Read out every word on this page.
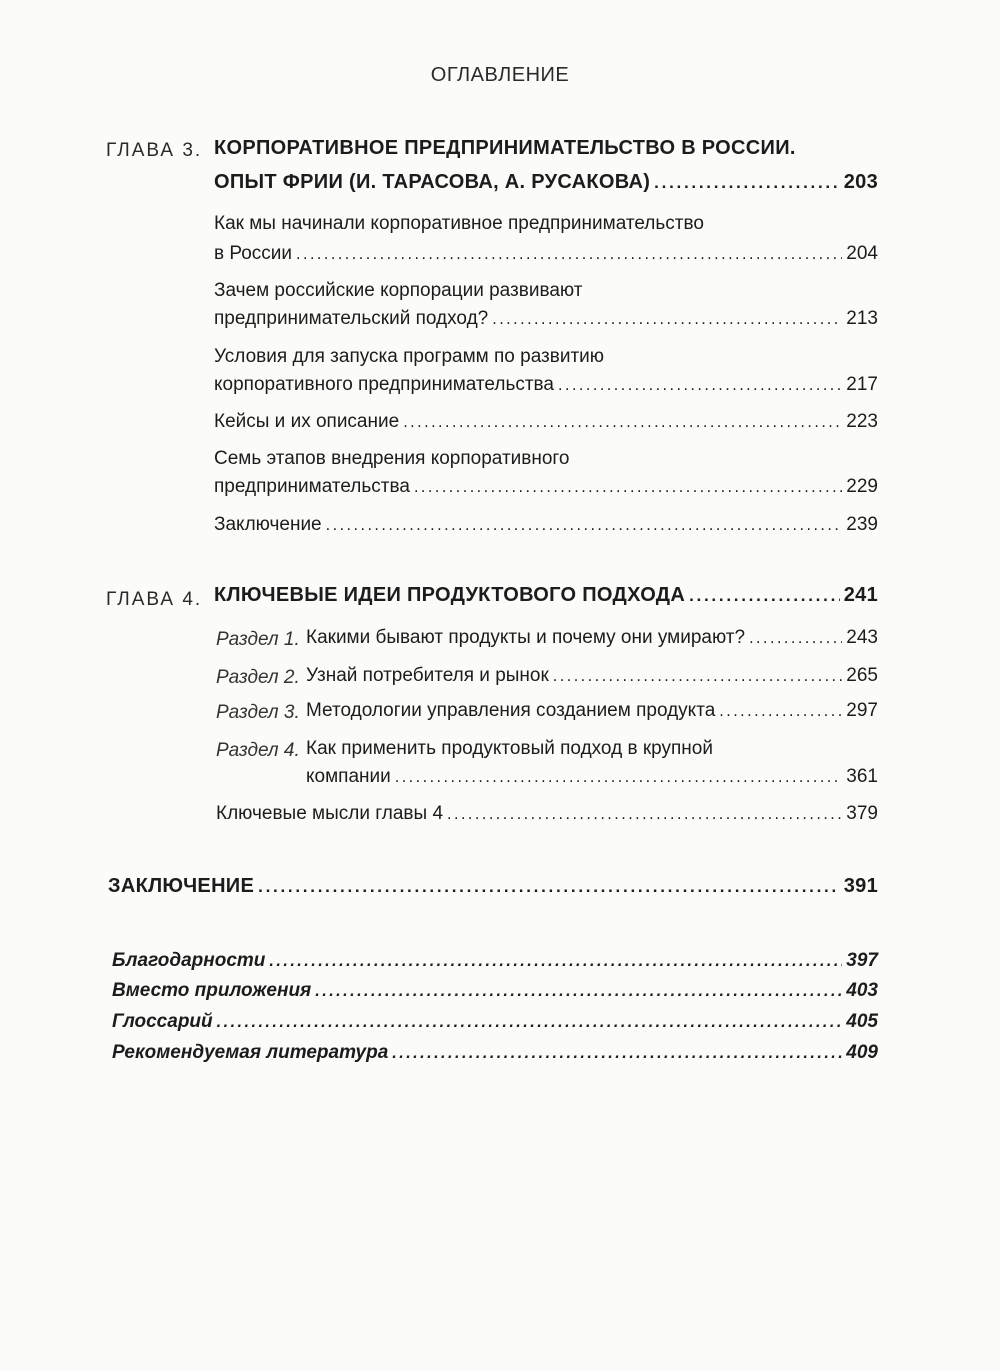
ОГЛАВЛЕНИЕ
ГЛАВА 3. КОРПОРАТИВНОЕ ПРЕДПРИНИМАТЕЛЬСТВО В РОССИИ.
ОПЫТ ФРИИ (И. ТАРАСОВА, А. РУСАКОВА) . . .	203
Как мы начинали корпоративное предпринимательство
в России . . .	204
Зачем российские корпорации развивают
предпринимательский подход? . . .	213
Условия для запуска программ по развитию
корпоративного предпринимательства . . .	217
Кейсы и их описание . . .	223
Семь этапов внедрения корпоративного
предпринимательства . . .	229
Заключение . . .	239
ГЛАВА 4. КЛЮЧЕВЫЕ ИДЕИ ПРОДУКТОВОГО ПОДХОДА . . .	241
Раздел 1. Какими бывают продукты и почему они умирают? . . .	243
Раздел 2. Узнай потребителя и рынок . . .	265
Раздел 3. Методологии управления созданием продукта . . .	297
Раздел 4. Как применить продуктовый подход в крупной
компании . . .	361
Ключевые мысли главы 4 . . .	379
ЗАКЛЮЧЕНИЕ . . .	391
Благодарности . . .	397
Вместо приложения . . .	403
Глоссарий . . .	405
Рекомендуемая литература . . .	409
